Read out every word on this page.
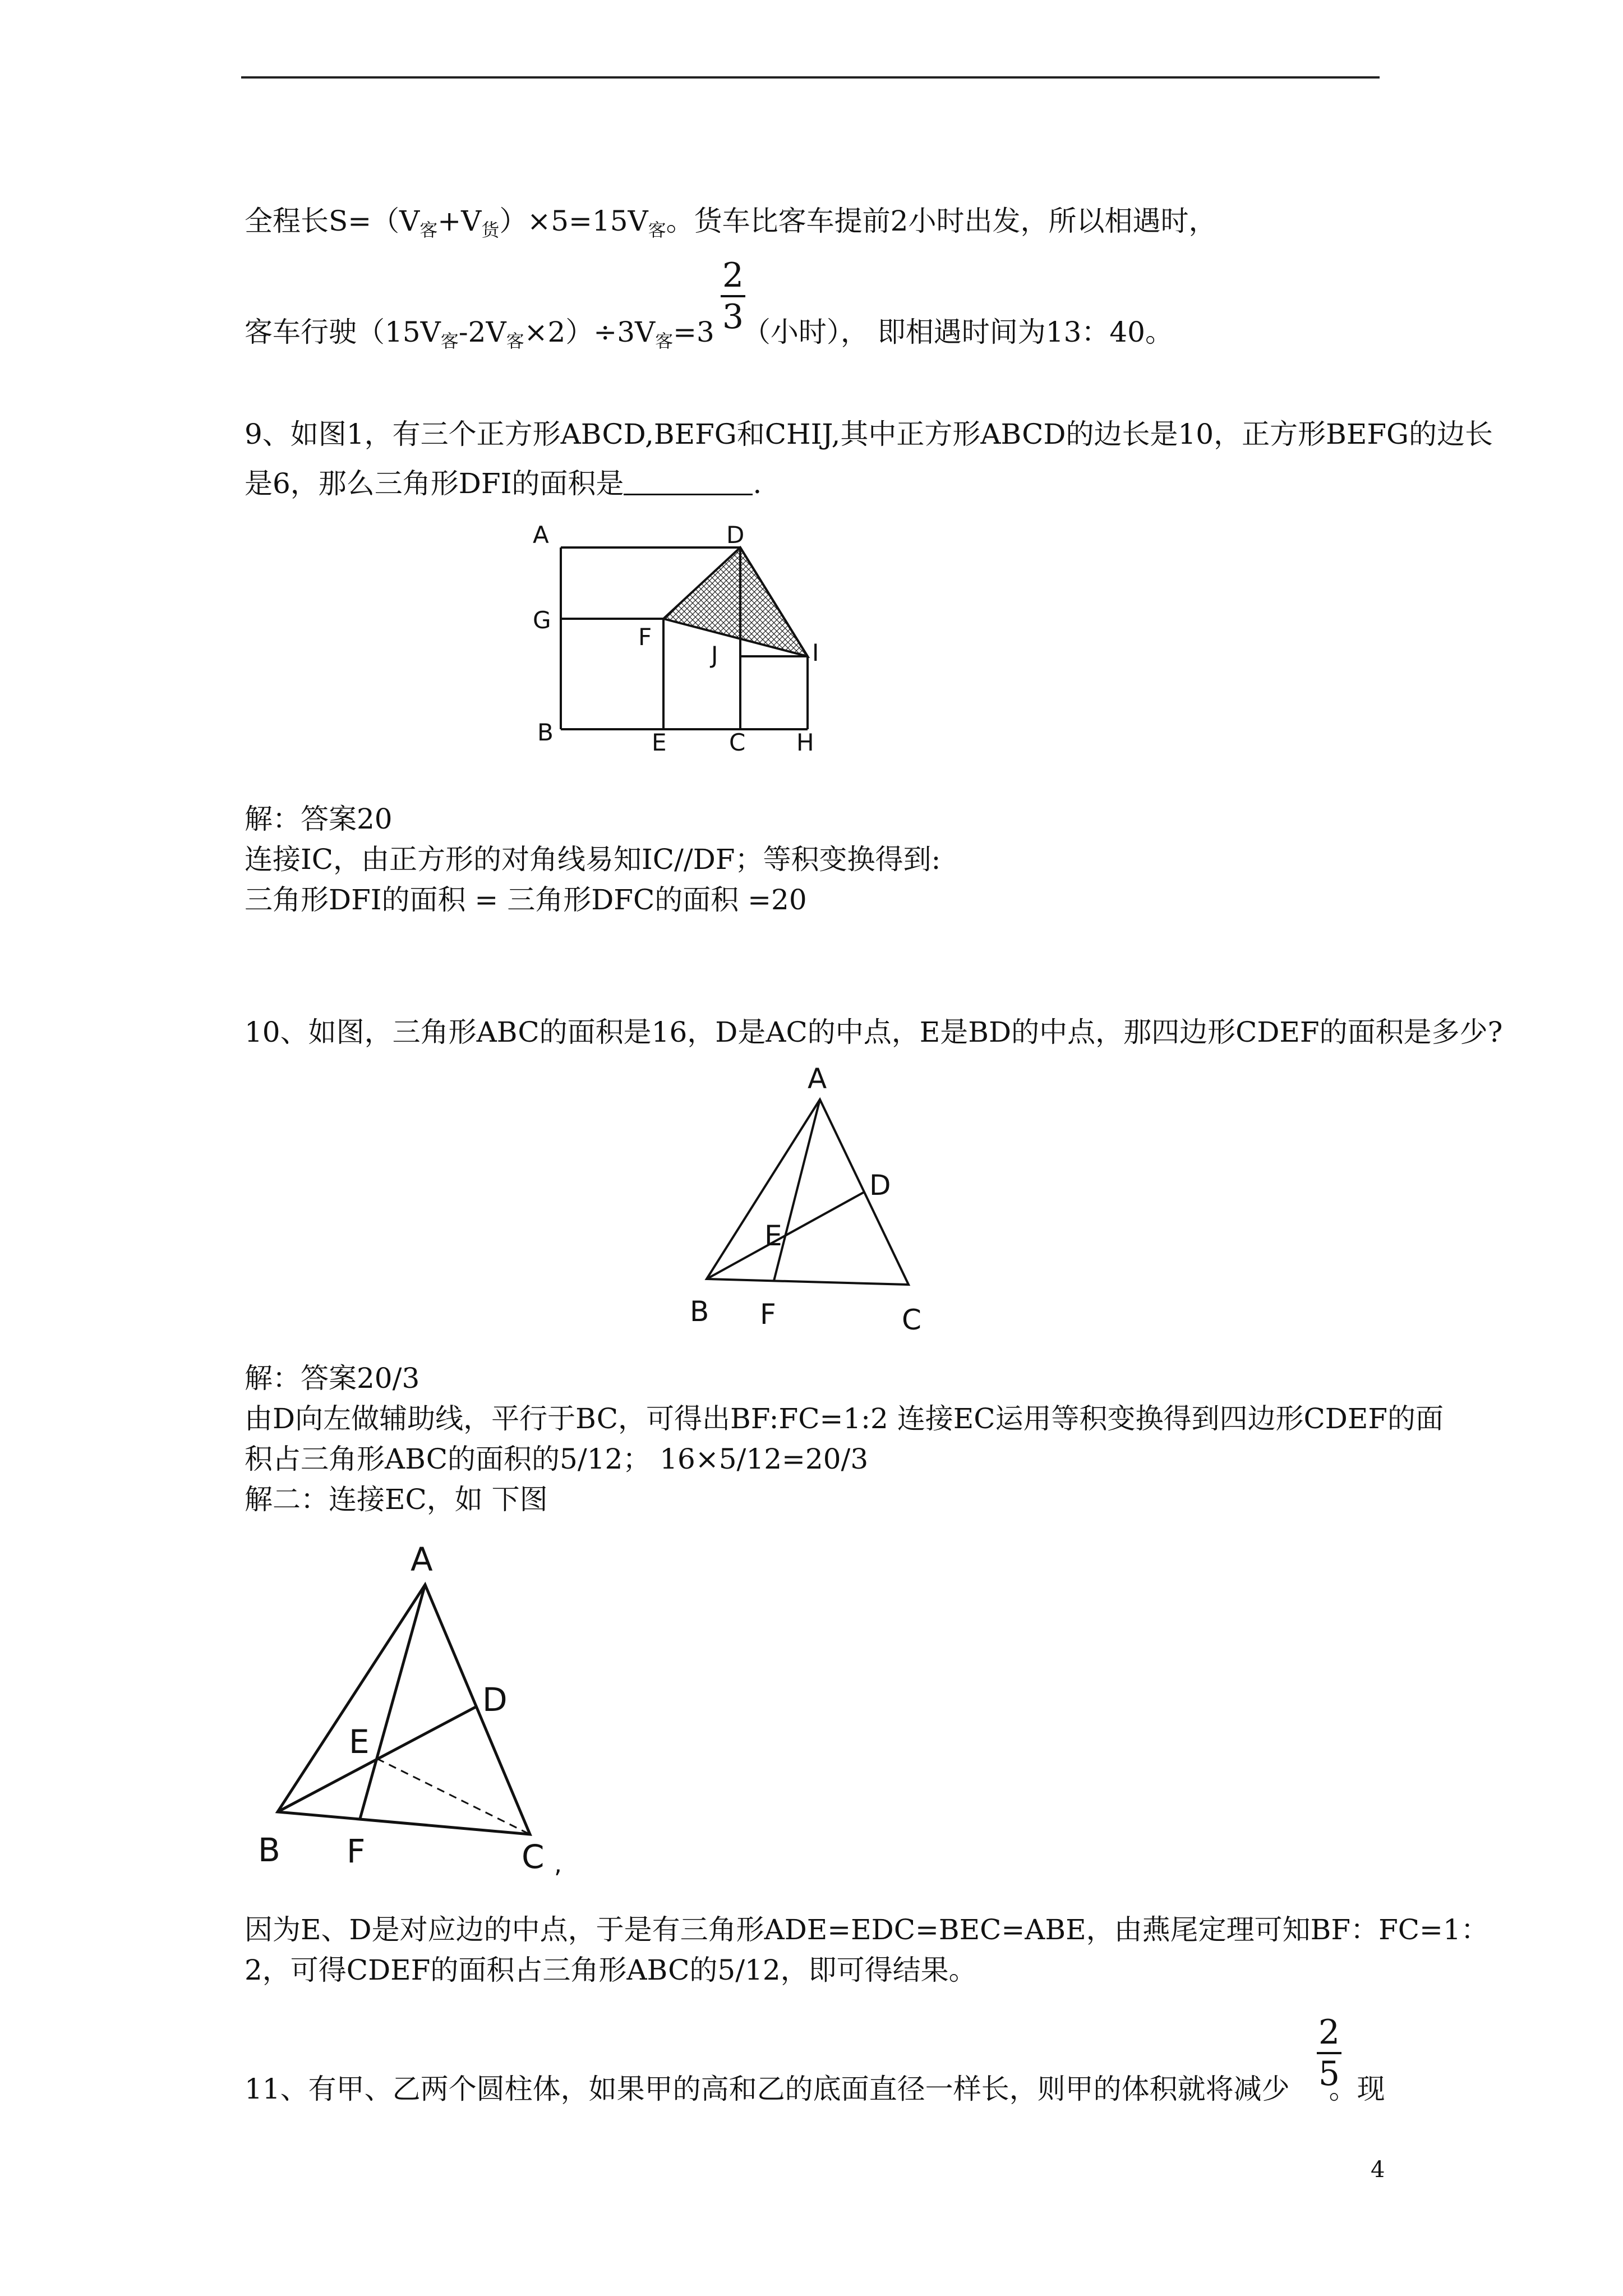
全程长$S=(V_客+V_货)\times 5=15V_客$。货车比客车提前2小时出发，所以相遇时，
2
3
客车行驶$(15V_客-2V_客\times 2)\div 3V_客=3$ （小时）， 即相遇时间为13：40。
9、如图1，有三个正方形ABCD,BEFG和CHIJ,其中正方形ABCD的边长是10，正方形BEFG的边长
是6，那么三角形DFI的面积是	.
A	D
G
F
J	I
B	E	C H
解：答案20
连接IC，由正方形的对角线易知IC//DF；等积变换得到:
三角形DFI的面积 = 三角形DFC的面积 =20
10、如图，三角形ABC的面积是16，D是AC的中点，E是BD的中点，那四边形CDEF的面积是多少?
A
D
E
B F	C
解：答案20/3
由D向左做辅助线，平行于BC，可得出BF:FC=1:2 连接EC运用等积变换得到四边形CDEF的面
积占三角形ABC的面积的5/12； 16×5/12=20/3
解二：连接EC，如 下图
A
D
E
B F	C ,
因为E、D是对应边的中点，于是有三角形ADE=EDC=BEC=ABE，由燕尾定理可知BF：FC=1：
2，可得CDEF的面积占三角形ABC的5/12，即可得结果。
2
5
11、有甲、乙两个圆柱体，如果甲的高和乙的底面直径一样长，则甲的体积就将减少 。现
4
